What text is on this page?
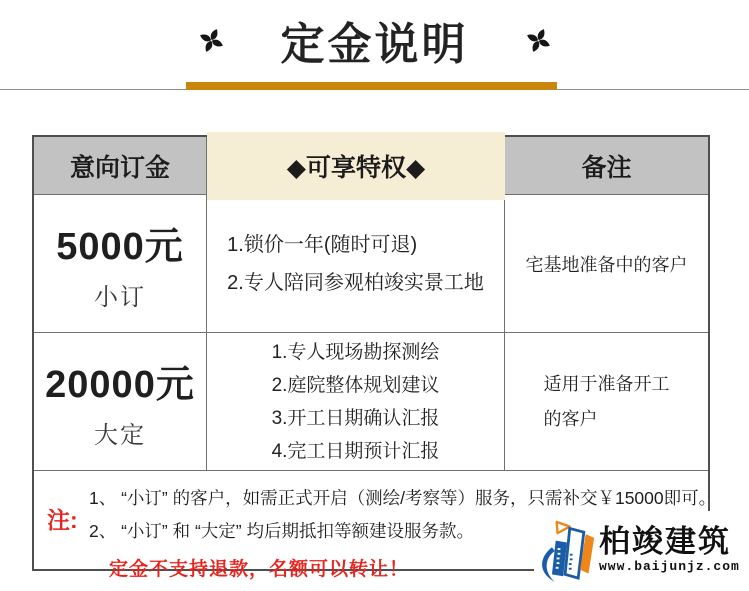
定金说明
意向订金	◆可享特权◆	备注
5000元
小订
1.锁价一年(随时可退)
2.专人陪同参观柏竣实景工地
宅基地准备中的客户
20000元
大定
1.专人现场勘探测绘
2.庭院整体规划建议
3.开工日期确认汇报
4.完工日期预计汇报
适用于准备开工
的客户
注:
1、 “小订” 的客户，如需正式开启（测绘/考察等）服务，只需补交￥15000即可。
2、 “小订” 和 “大定” 均后期抵扣等额建设服务款。
定金不支持退款，名额可以转让！
柏竣建筑
www.baijunjz.com
